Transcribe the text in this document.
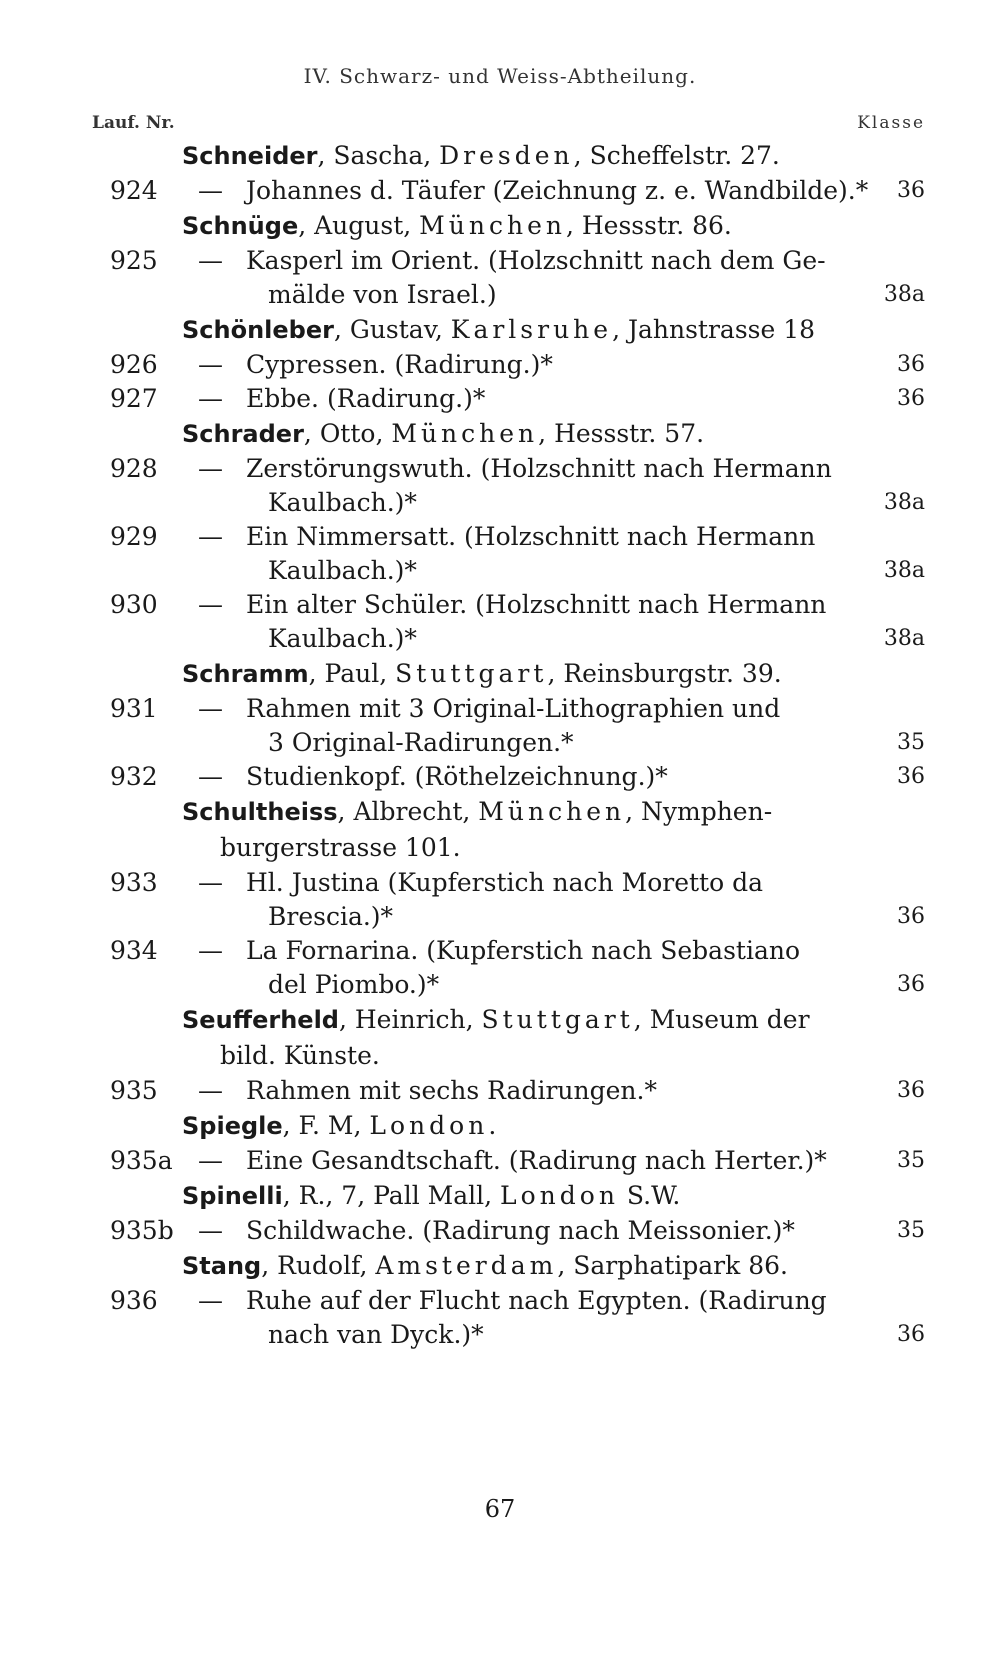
IV. Schwarz- und Weiss-Abtheilung.
Lauf. Nr.	Klasse
Schneider, Sascha, Dresden, Scheffelstr. 27.
924	— Johannes d. Täufer (Zeichnung z. e. Wandbilde).*	36
Schnüge, August, München, Hessstr. 86.
925	— Kasperl im Orient. (Holzschnitt nach dem Ge-
mälde von Israel.)	38a
Schönleber, Gustav, Karlsruhe, Jahnstrasse 18
926	— Cypressen. (Radirung.)*	36
927	— Ebbe. (Radirung.)*	36
Schrader, Otto, München, Hessstr. 57.
928	— Zerstörungswuth. (Holzschnitt nach Hermann
Kaulbach.)*	38a
929	— Ein Nimmersatt. (Holzschnitt nach Hermann
Kaulbach.)*	38a
930	— Ein alter Schüler. (Holzschnitt nach Hermann
Kaulbach.)*	38a
Schramm, Paul, Stuttgart, Reinsburgstr. 39.
931	— Rahmen mit 3 Original-Lithographien und
3 Original-Radirungen.*	35
932	— Studienkopf. (Röthelzeichnung.)*	36
Schultheiss, Albrecht, München, Nymphen-
burgerstrasse 101.
933	— Hl. Justina (Kupferstich nach Moretto da
Brescia.)*	36
934	— La Fornarina. (Kupferstich nach Sebastiano
del Piombo.)*	36
Seufferheld, Heinrich, Stuttgart, Museum der
bild. Künste.
935	— Rahmen mit sechs Radirungen.*	36
Spiegle, F. M, London.
935a	— Eine Gesandtschaft. (Radirung nach Herter.)*	35
Spinelli, R., 7, Pall Mall, London S.W.
935b — Schildwache. (Radirung nach Meissonier.)*	35
Stang, Rudolf, Amsterdam, Sarphatipark 86.
936	— Ruhe auf der Flucht nach Egypten. (Radirung
nach van Dyck.)*	36
67
